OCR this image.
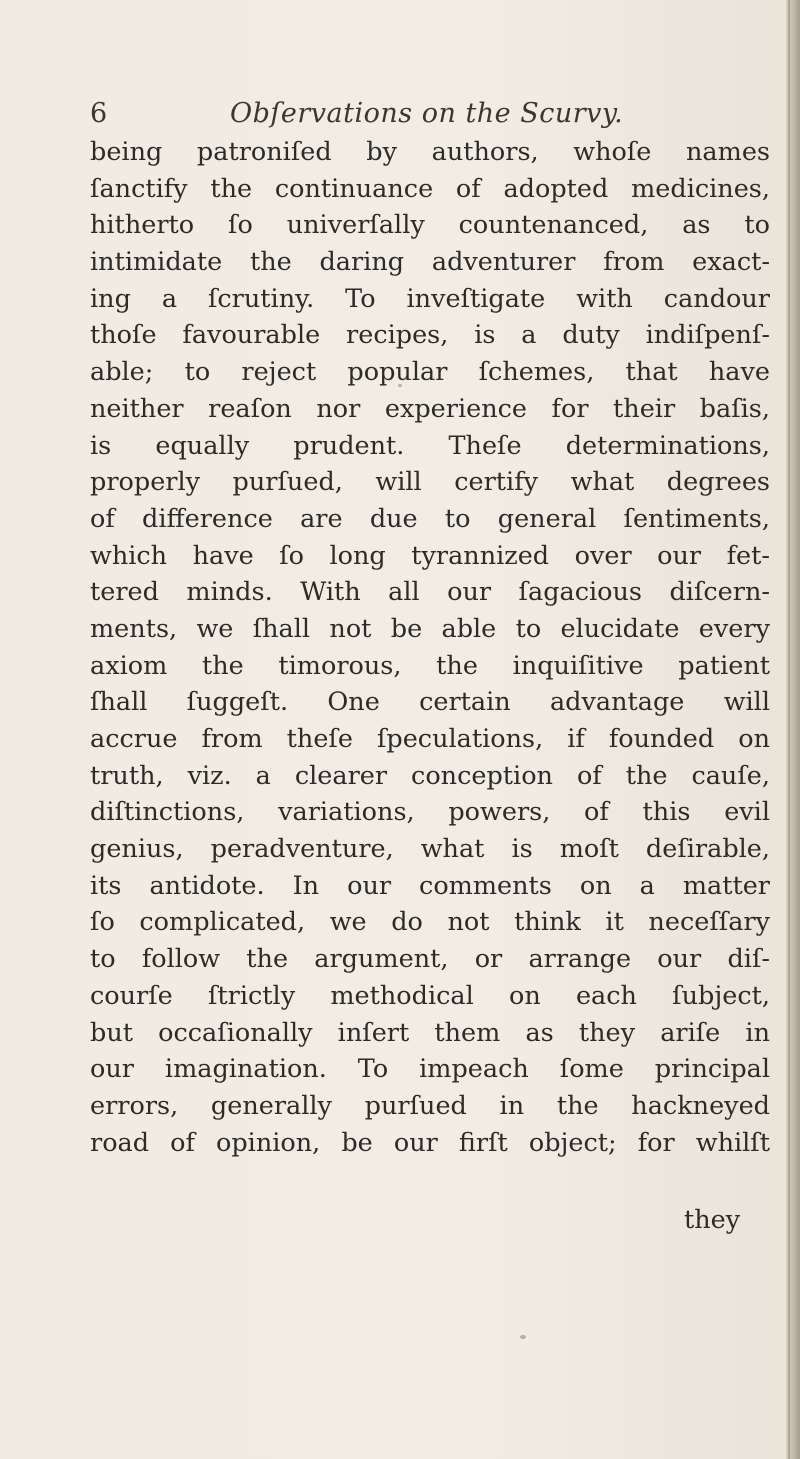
6	Obſervations on the Scurvy.
being patroniſed by authors, whoſe names
ſanctify the continuance of adopted medicines,
hitherto ſo univerſally countenanced, as to
intimidate the daring adventurer from exact-
ing a ſcrutiny. To inveſtigate with candour
thoſe favourable recipes, is a duty indiſpenſ-
able; to reject popular ſchemes, that have
neither reaſon nor experience for their baſis,
is equally prudent. Theſe determinations,
properly purſued, will certify what degrees
of difference are due to general ſentiments,
which have ſo long tyrannized over our fet-
tered minds. With all our ſagacious diſcern-
ments, we ſhall not be able to elucidate every
axiom the timorous, the inquiſitive patient
ſhall ſuggeſt. One certain advantage will
accrue from theſe ſpeculations, if founded on
truth, viz. a clearer conception of the cauſe,
diſtinctions, variations, powers, of this evil
genius, peradventure, what is moſt deſirable,
its antidote. In our comments on a matter
ſo complicated, we do not think it neceſſary
to follow the argument, or arrange our diſ-
courſe ſtrictly methodical on each ſubject,
but occaſionally inſert them as they ariſe in
our imagination. To impeach ſome principal
errors, generally purſued in the hackneyed
road of opinion, be our firſt object; for whilſt
they
